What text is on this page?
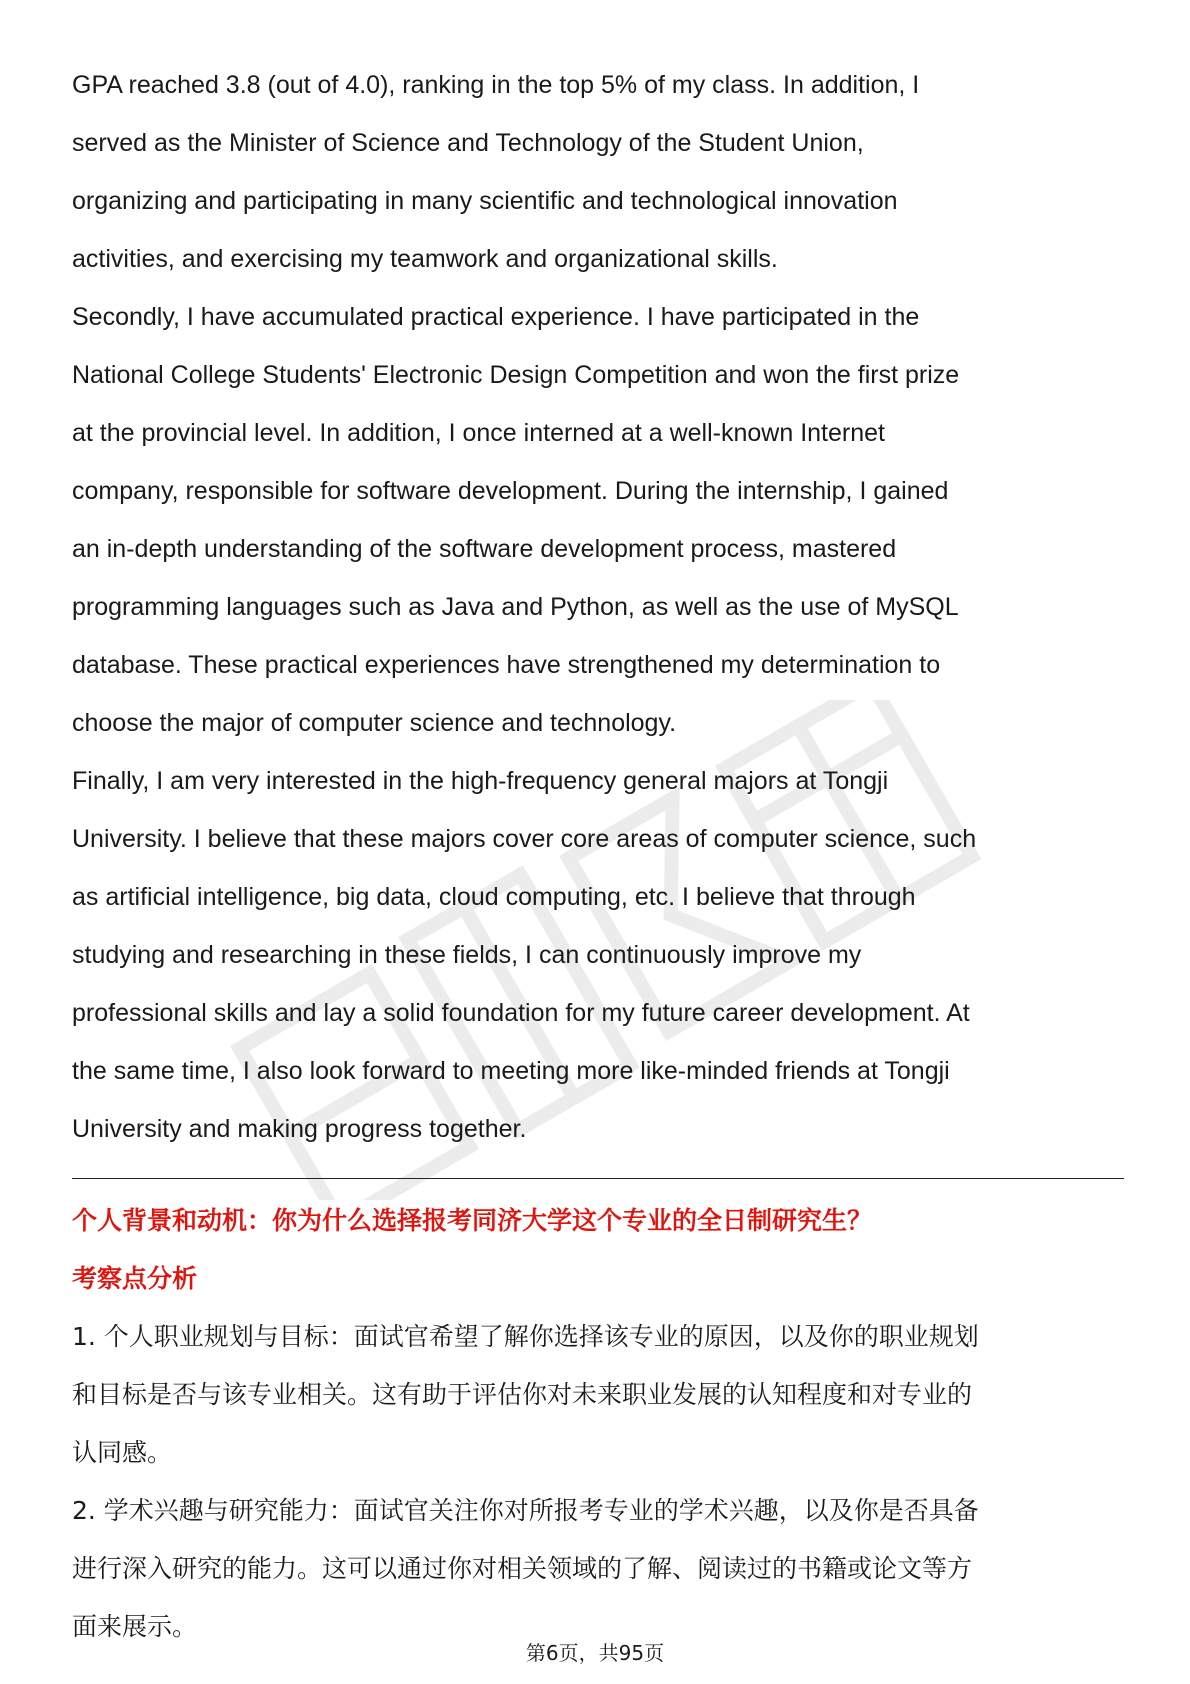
GPA reached 3.8 (out of 4.0), ranking in the top 5% of my class. In addition, I
served as the Minister of Science and Technology of the Student Union,
organizing and participating in many scientific and technological innovation
activities, and exercising my teamwork and organizational skills.

Secondly, I have accumulated practical experience. I have participated in the
National College Students' Electronic Design Competition and won the first prize
at the provincial level. In addition, I once interned at a well-known Internet
company, responsible for software development. During the internship, I gained
an in-depth understanding of the software development process, mastered
programming languages such as Java and Python, as well as the use of MySQL
database. These practical experiences have strengthened my determination to
choose the major of computer science and technology.

Finally, I am very interested in the high-frequency general majors at Tongji
University. I believe that these majors cover core areas of computer science, such
as artificial intelligence, big data, cloud computing, etc. I believe that through
studying and researching in these fields, I can continuously improve my
professional skills and lay a solid foundation for my future career development. At
the same time, I also look forward to meeting more like-minded friends at Tongji
University and making progress together.

个人背景和动机：你为什么选择报考同济大学这个专业的全日制研究生？

考察点分析

1. 个人职业规划与目标：面试官希望了解你选择该专业的原因，以及你的职业规划
和目标是否与该专业相关。这有助于评估你对未来职业发展的认知程度和对专业的
认同感。

2. 学术兴趣与研究能力：面试官关注你对所报考专业的学术兴趣，以及你是否具备
进行深入研究的能力。这可以通过你对相关领域的了解、阅读过的书籍或论文等方
面来展示。

第6页，共95页
